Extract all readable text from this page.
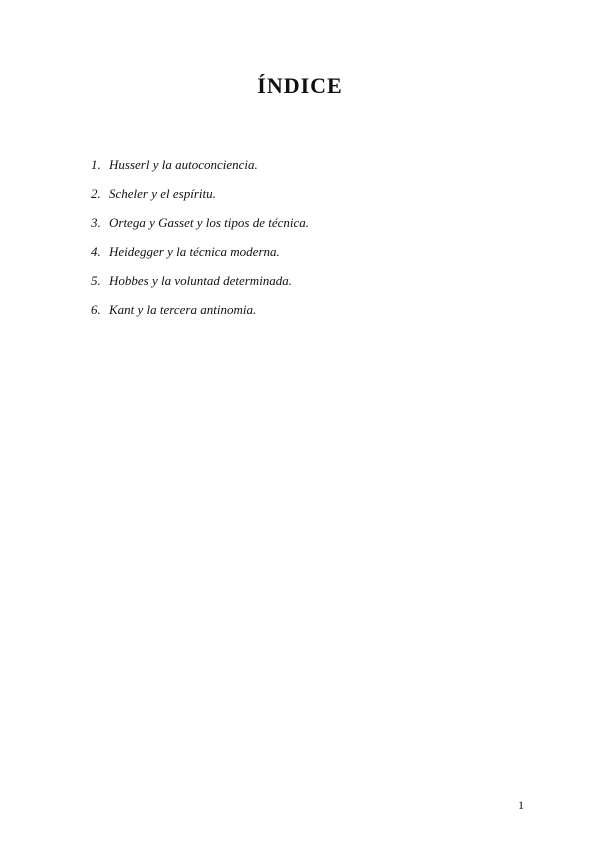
ÍNDICE
1. Husserl y la autoconciencia.
2. Scheler y el espíritu.
3. Ortega y Gasset y los tipos de técnica.
4. Heidegger y la técnica moderna.
5. Hobbes y la voluntad determinada.
6. Kant y la tercera antinomia.
1
